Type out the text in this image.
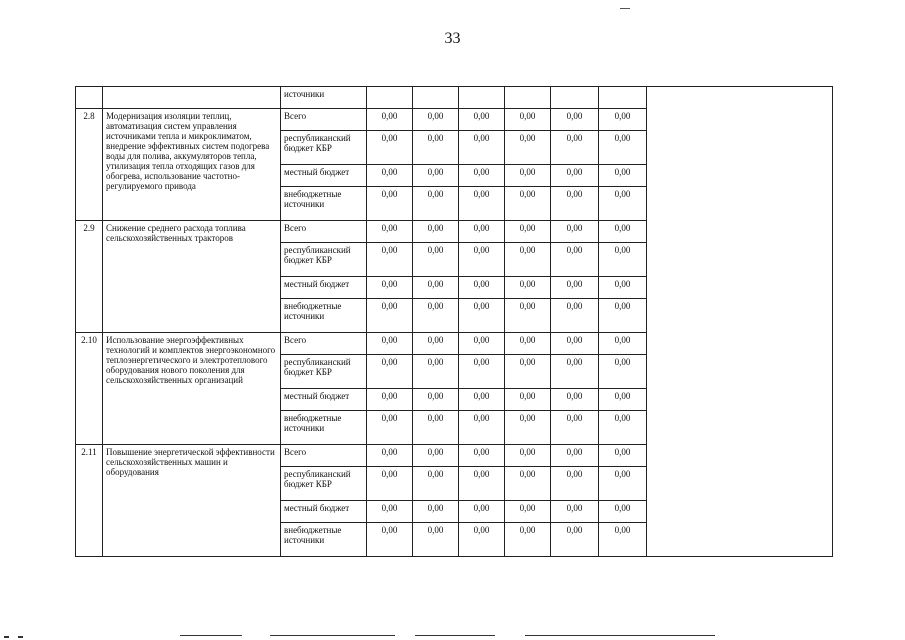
33
		источники							
2.8	Модернизация изоляции теплиц, автоматизация систем управления источниками тепла и микроклиматом, внедрение эффективных систем подогрева воды для полива, аккумуляторов тепла, утилизация тепла отходящих газов для обогрева, использование частотно-регулируемого привода	Всего	0,00	0,00	0,00	0,00	0,00	0,00	
		республиканский бюджет КБР	0,00	0,00	0,00	0,00	0,00	0,00	
		местный бюджет	0,00	0,00	0,00	0,00	0,00	0,00	
		внебюджетные источники	0,00	0,00	0,00	0,00	0,00	0,00	
2.9	Снижение среднего расхода топлива сельскохозяйственных тракторов	Всего	0,00	0,00	0,00	0,00	0,00	0,00	
		республиканский бюджет КБР	0,00	0,00	0,00	0,00	0,00	0,00	
		местный бюджет	0,00	0,00	0,00	0,00	0,00	0,00	
		внебюджетные источники	0,00	0,00	0,00	0,00	0,00	0,00	
2.10	Использование энергоэффективных технологий и комплектов энергоэкономного теплоэнергетического и электротеплового оборудования нового поколения для сельскохозяйственных организаций	Всего	0,00	0,00	0,00	0,00	0,00	0,00	
		республиканский бюджет КБР	0,00	0,00	0,00	0,00	0,00	0,00	
		местный бюджет	0,00	0,00	0,00	0,00	0,00	0,00	
		внебюджетные источники	0,00	0,00	0,00	0,00	0,00	0,00	
2.11	Повышение энергетической эффективности сельскохозяйственных машин и оборудования	Всего	0,00	0,00	0,00	0,00	0,00	0,00	
		республиканский бюджет КБР	0,00	0,00	0,00	0,00	0,00	0,00	
		местный бюджет	0,00	0,00	0,00	0,00	0,00	0,00	
		внебюджетные источники	0,00	0,00	0,00	0,00	0,00	0,00	
